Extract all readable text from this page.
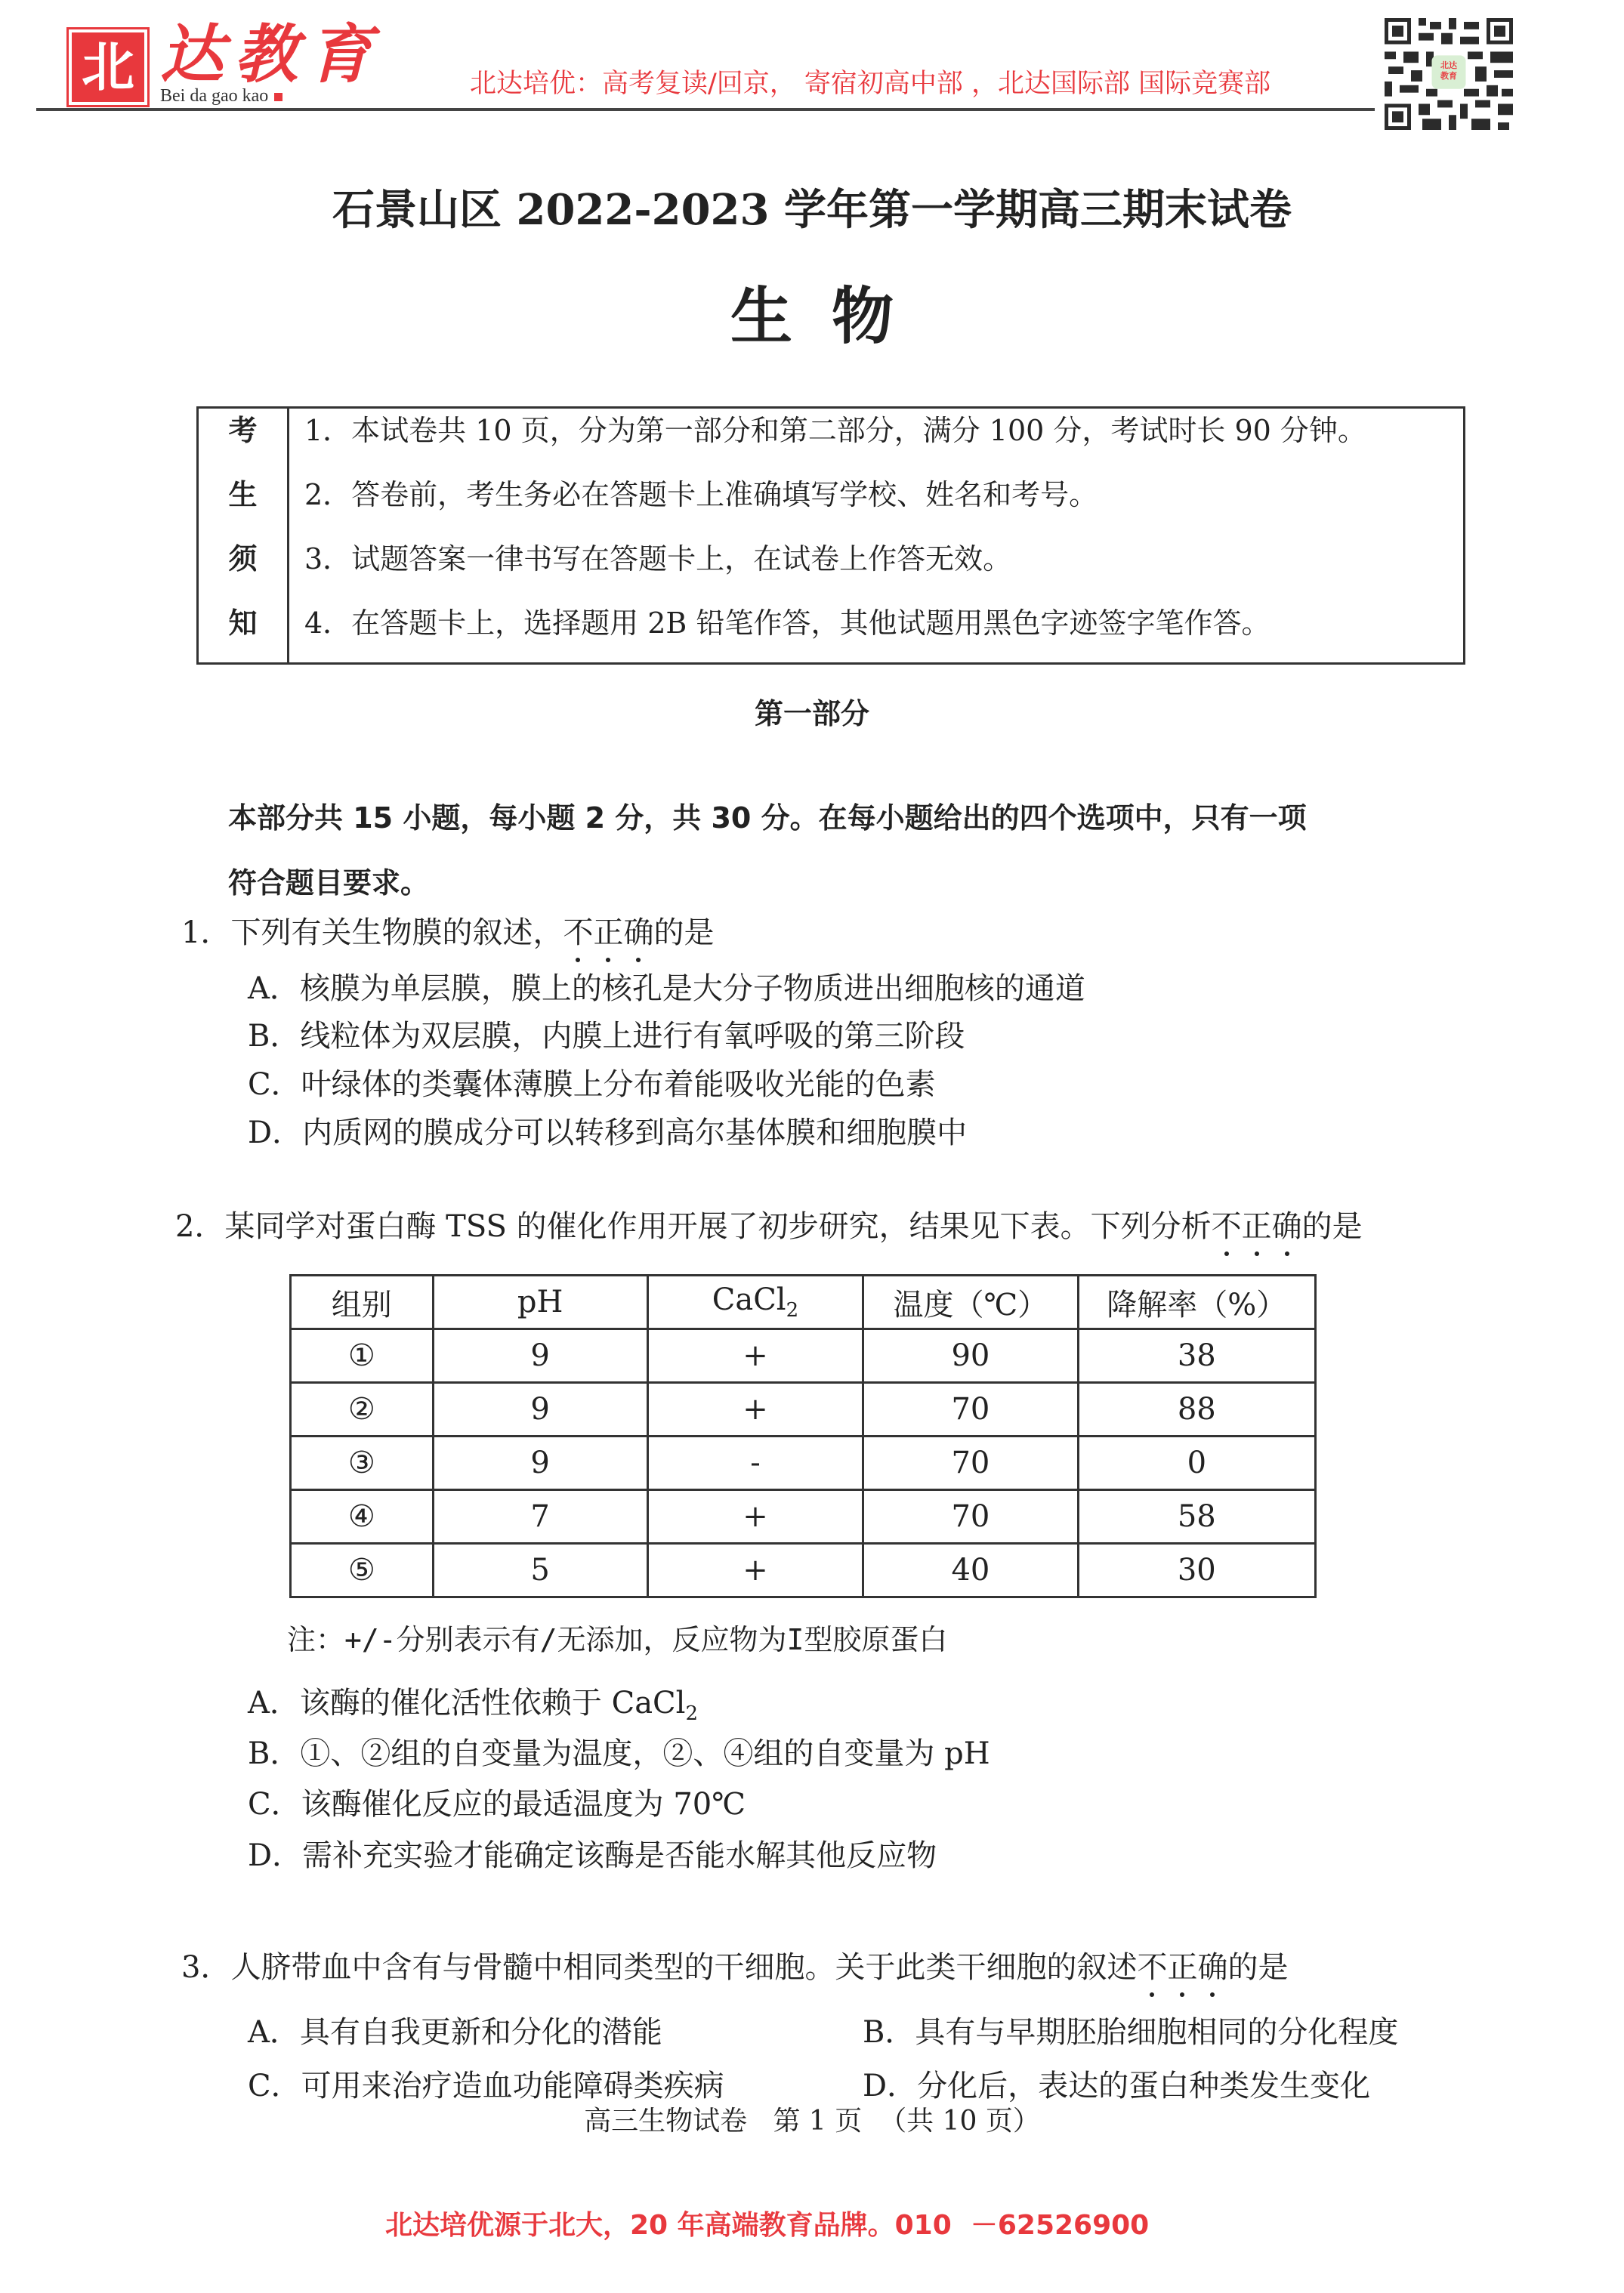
北 达教育
Bei da gao kao	北达培优：高考复读/回京， 寄宿初高中部 ，北达国际部 国际竞赛部
北达教育
石景山区 2022-2023 学年第一学期高三期末试卷
生物
考
生
须
知
1．本试卷共 10 页，分为第一部分和第二部分，满分 100 分，考试时长 90 分钟。
2．答卷前，考生务必在答题卡上准确填写学校、姓名和考号。
3．试题答案一律书写在答题卡上，在试卷上作答无效。
4．在答题卡上，选择题用 2B 铅笔作答，其他试题用黑色字迹签字笔作答。
第一部分
本部分共 15 小题，每小题 2 分，共 30 分。在每小题给出的四个选项中，只有一项
符合题目要求。
1．下列有关生物膜的叙述，不正确的是
A．核膜为单层膜，膜上的核孔是大分子物质进出细胞核的通道
B．线粒体为双层膜，内膜上进行有氧呼吸的第三阶段
C．叶绿体的类囊体薄膜上分布着能吸收光能的色素
D．内质网的膜成分可以转移到高尔基体膜和细胞膜中
2．某同学对蛋白酶 TSS 的催化作用开展了初步研究，结果见下表。下列分析不正确的是
组别	pH	CaCl$_2$	温度（℃）	降解率（%）
①	9	+	90	38
②	9	+	70	88
③	9	-	70	0
④	7	+	70	58
⑤	5	+	40	30
注：+/-分别表示有/无添加，反应物为I型胶原蛋白
A．该酶的催化活性依赖于 CaCl$_2$
B．①、②组的自变量为温度，②、④组的自变量为 pH
C．该酶催化反应的最适温度为 70℃
D．需补充实验才能确定该酶是否能水解其他反应物
3．人脐带血中含有与骨髓中相同类型的干细胞。关于此类干细胞的叙述不正确的是
A．具有自我更新和分化的潜能	B．具有与早期胚胎细胞相同的分化程度
C．可用来治疗造血功能障碍类疾病	D．分化后，表达的蛋白种类发生变化
高三生物试卷   第 1 页  （共 10 页）
北达培优源于北大，20 年高端教育品牌。010  －62526900
